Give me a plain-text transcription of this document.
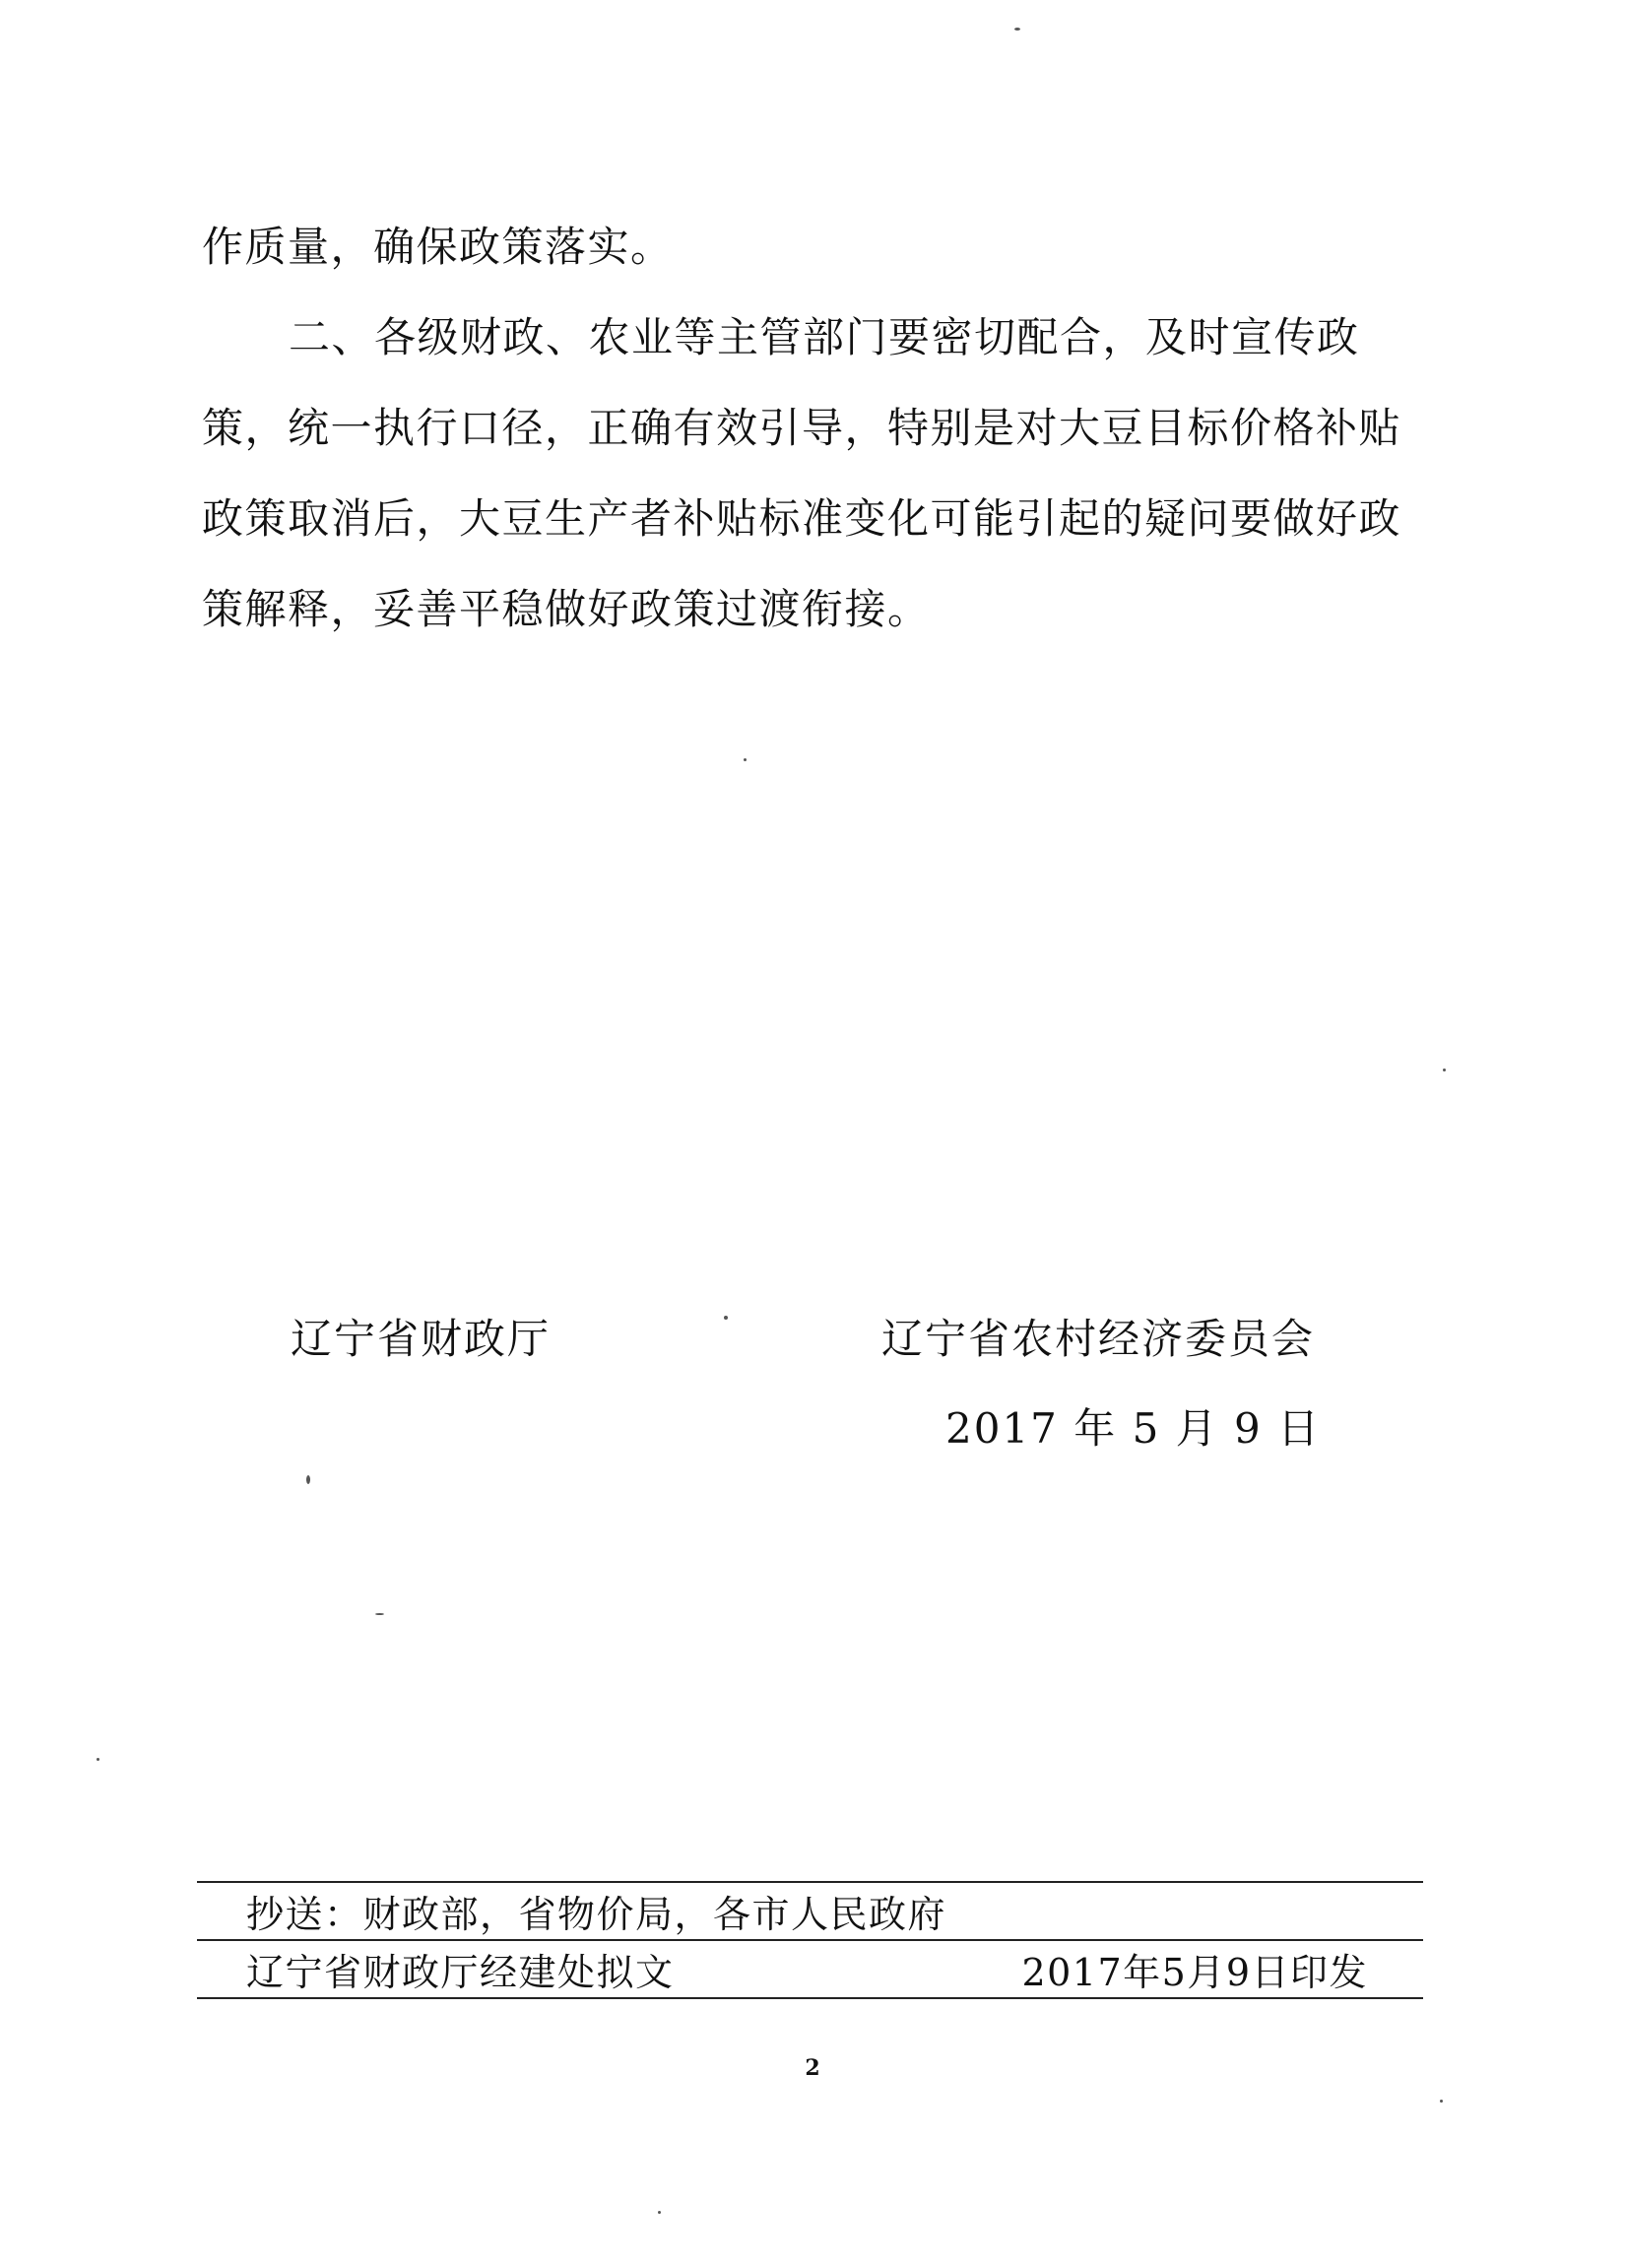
作质量，确保政策落实。

二、各级财政、农业等主管部门要密切配合，及时宣传政策，统一执行口径，正确有效引导，特别是对大豆目标价格补贴政策取消后，大豆生产者补贴标准变化可能引起的疑问要做好政策解释，妥善平稳做好政策过渡衔接。

辽宁省财政厅	辽宁省农村经济委员会
2017 年 5 月 9 日
抄送：财政部，省物价局，各市人民政府
辽宁省财政厅经建处拟文	2017年5月9日印发
2
